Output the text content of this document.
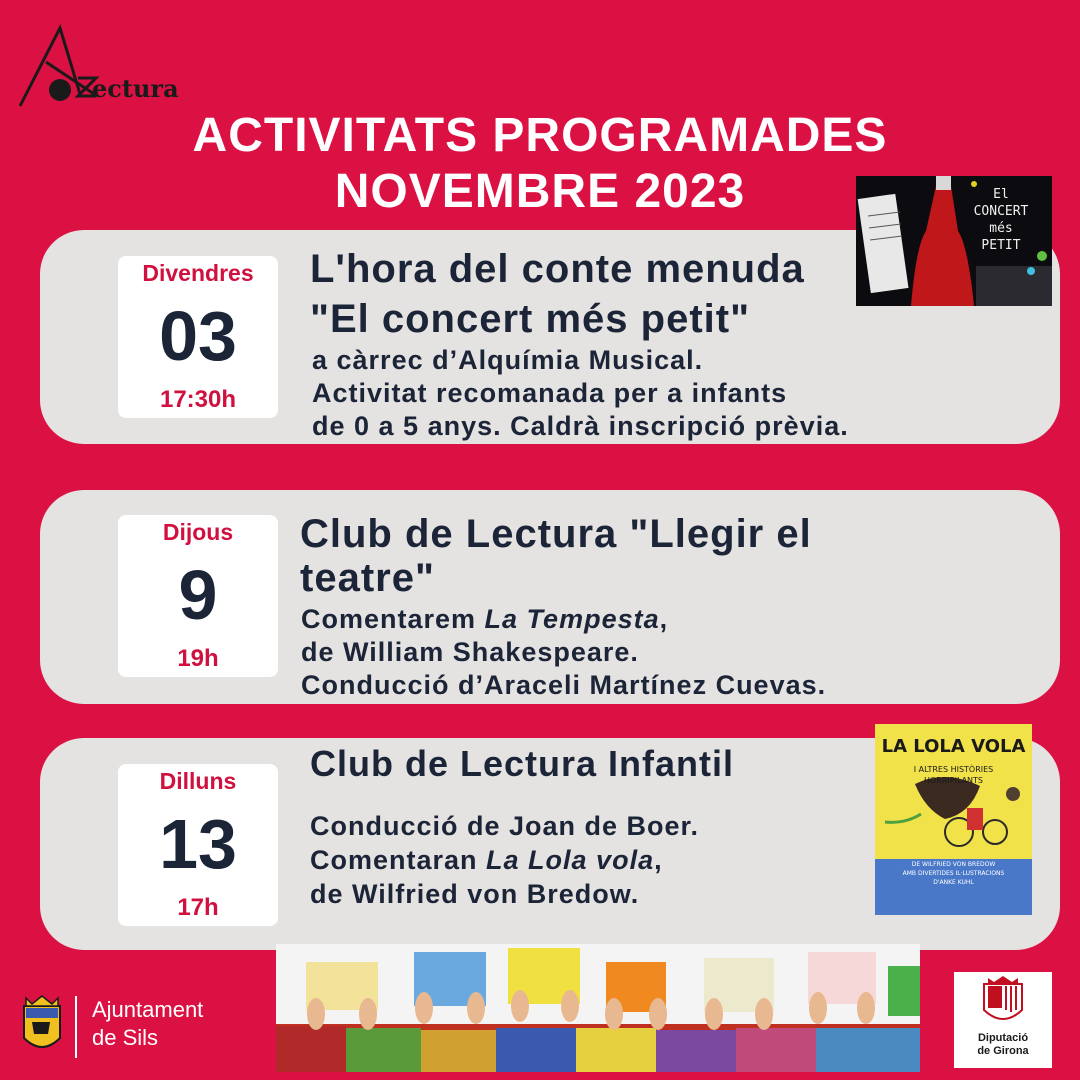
ectura
ACTIVITATS PROGRAMADES
NOVEMBRE 2023
Divendres
03
17:30h
L'hora del conte menuda
"El concert més petit"
a càrrec d’Alquímia Musical.
Activitat recomanada per a infants
de 0 a 5 anys. Caldrà inscripció prèvia.
El
CONCERT
més
PETIT
Dijous
9
19h
Club de Lectura "Llegir el
teatre"
Comentarem La Tempesta,
de William Shakespeare.
Conducció d’Araceli Martínez Cuevas.
Dilluns
13
17h
Club de Lectura Infantil
Conducció de Joan de Boer.
Comentaran La Lola vola,
de Wilfried von Bredow.
LA LOLA VOLA
I ALTRES HISTÒRIES
HORRIPILANTS
DE WILFRIED VON BREDOW
AMB DIVERTIDES IL·LUSTRACIONS
D'ANKE KUHL
Ajuntament
de Sils	Diputació
de Girona
